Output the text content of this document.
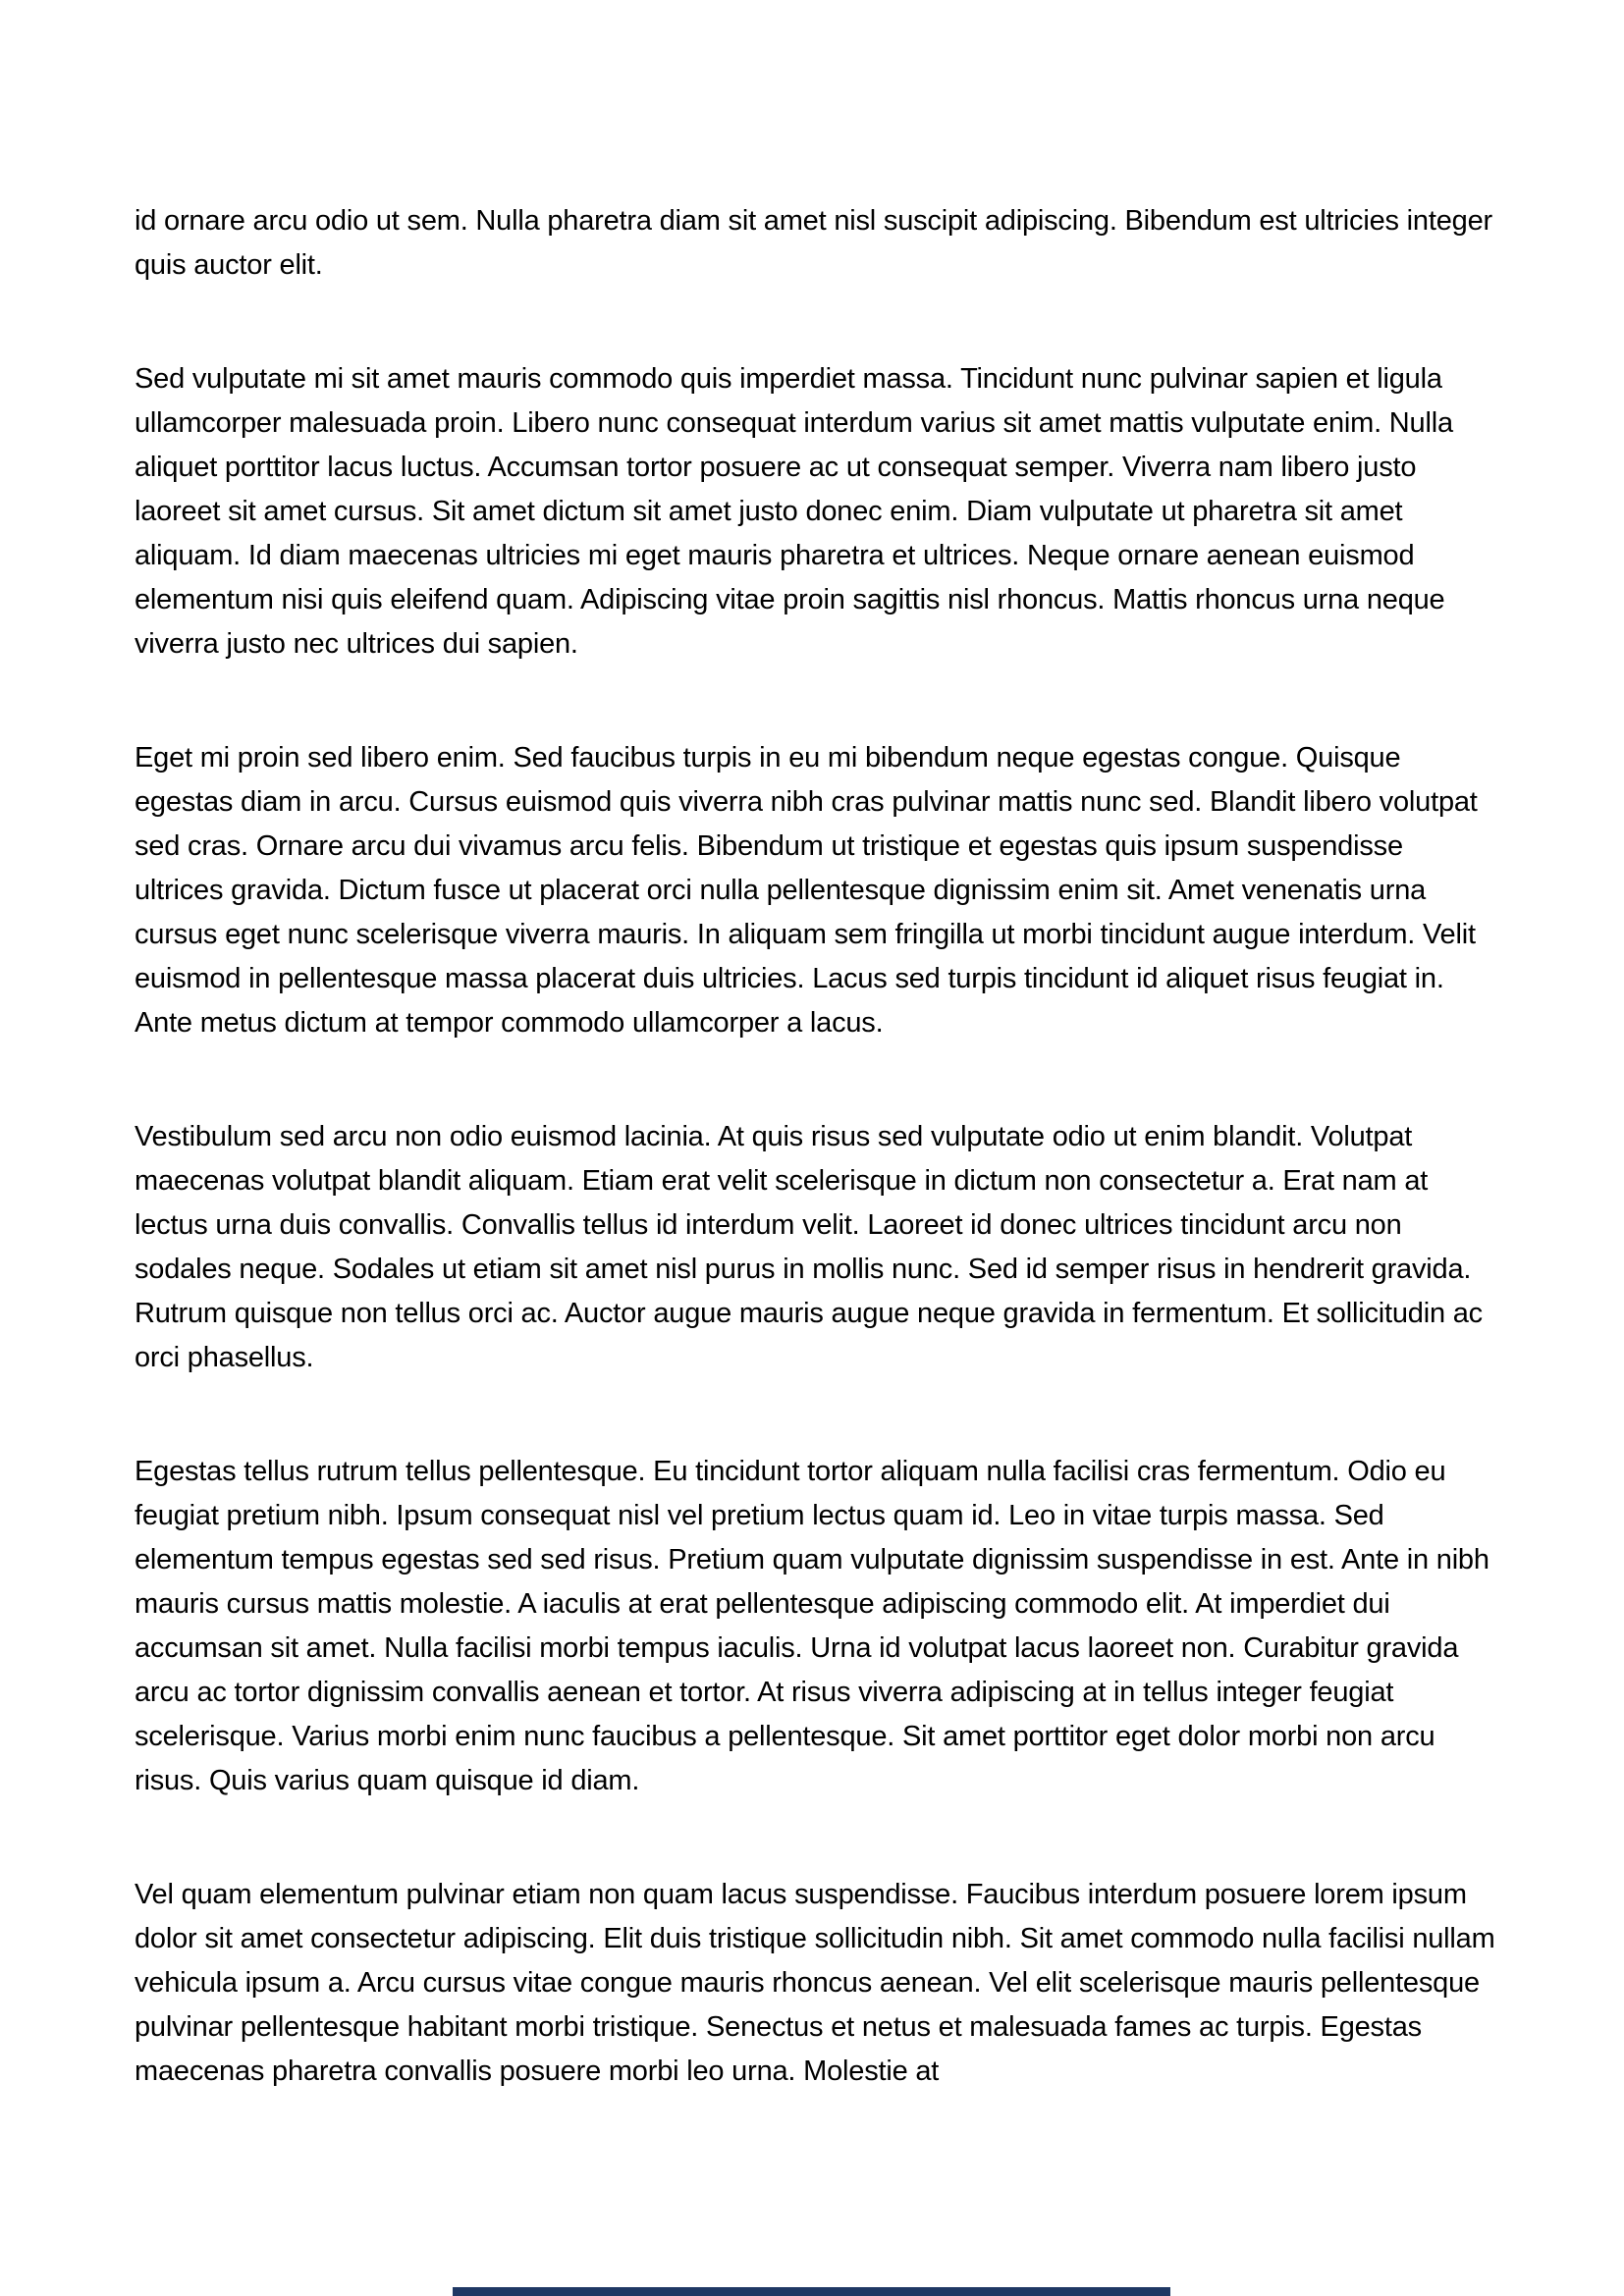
id ornare arcu odio ut sem. Nulla pharetra diam sit amet nisl suscipit adipiscing. Bibendum est ultricies integer quis auctor elit.

Sed vulputate mi sit amet mauris commodo quis imperdiet massa. Tincidunt nunc pulvinar sapien et ligula ullamcorper malesuada proin. Libero nunc consequat interdum varius sit amet mattis vulputate enim. Nulla aliquet porttitor lacus luctus. Accumsan tortor posuere ac ut consequat semper. Viverra nam libero justo laoreet sit amet cursus. Sit amet dictum sit amet justo donec enim. Diam vulputate ut pharetra sit amet aliquam. Id diam maecenas ultricies mi eget mauris pharetra et ultrices. Neque ornare aenean euismod elementum nisi quis eleifend quam. Adipiscing vitae proin sagittis nisl rhoncus. Mattis rhoncus urna neque viverra justo nec ultrices dui sapien.

Eget mi proin sed libero enim. Sed faucibus turpis in eu mi bibendum neque egestas congue. Quisque egestas diam in arcu. Cursus euismod quis viverra nibh cras pulvinar mattis nunc sed. Blandit libero volutpat sed cras. Ornare arcu dui vivamus arcu felis. Bibendum ut tristique et egestas quis ipsum suspendisse ultrices gravida. Dictum fusce ut placerat orci nulla pellentesque dignissim enim sit. Amet venenatis urna cursus eget nunc scelerisque viverra mauris. In aliquam sem fringilla ut morbi tincidunt augue interdum. Velit euismod in pellentesque massa placerat duis ultricies. Lacus sed turpis tincidunt id aliquet risus feugiat in. Ante metus dictum at tempor commodo ullamcorper a lacus.

Vestibulum sed arcu non odio euismod lacinia. At quis risus sed vulputate odio ut enim blandit. Volutpat maecenas volutpat blandit aliquam. Etiam erat velit scelerisque in dictum non consectetur a. Erat nam at lectus urna duis convallis. Convallis tellus id interdum velit. Laoreet id donec ultrices tincidunt arcu non sodales neque. Sodales ut etiam sit amet nisl purus in mollis nunc. Sed id semper risus in hendrerit gravida. Rutrum quisque non tellus orci ac. Auctor augue mauris augue neque gravida in fermentum. Et sollicitudin ac orci phasellus.

Egestas tellus rutrum tellus pellentesque. Eu tincidunt tortor aliquam nulla facilisi cras fermentum. Odio eu feugiat pretium nibh. Ipsum consequat nisl vel pretium lectus quam id. Leo in vitae turpis massa. Sed elementum tempus egestas sed sed risus. Pretium quam vulputate dignissim suspendisse in est. Ante in nibh mauris cursus mattis molestie. A iaculis at erat pellentesque adipiscing commodo elit. At imperdiet dui accumsan sit amet. Nulla facilisi morbi tempus iaculis. Urna id volutpat lacus laoreet non. Curabitur gravida arcu ac tortor dignissim convallis aenean et tortor. At risus viverra adipiscing at in tellus integer feugiat scelerisque. Varius morbi enim nunc faucibus a pellentesque. Sit amet porttitor eget dolor morbi non arcu risus. Quis varius quam quisque id diam.

Vel quam elementum pulvinar etiam non quam lacus suspendisse. Faucibus interdum posuere lorem ipsum dolor sit amet consectetur adipiscing. Elit duis tristique sollicitudin nibh. Sit amet commodo nulla facilisi nullam vehicula ipsum a. Arcu cursus vitae congue mauris rhoncus aenean. Vel elit scelerisque mauris pellentesque pulvinar pellentesque habitant morbi tristique. Senectus et netus et malesuada fames ac turpis. Egestas maecenas pharetra convallis posuere morbi leo urna. Molestie at
